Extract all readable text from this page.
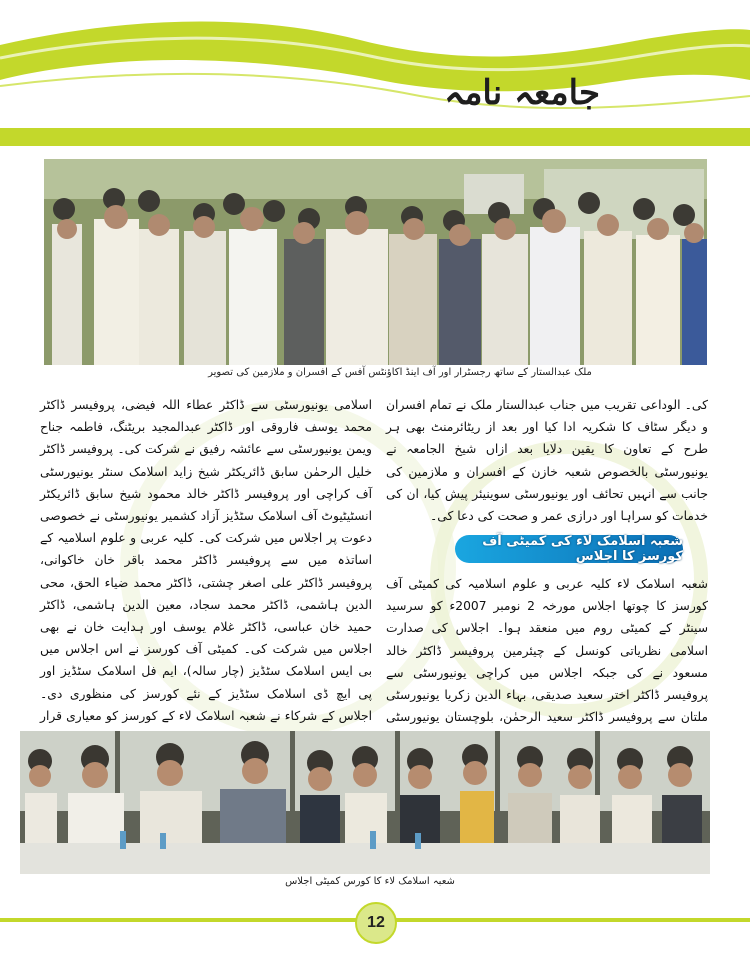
جامعہ نامہ
ملک عبدالستار کے ساتھ رجسٹرار اور آف اینڈ اکاؤنٹس آفس کے افسران و ملازمین کی تصویر
کی۔ الوداعی تقریب میں جناب عبدالستار ملک نے تمام افسران و دیگر سٹاف کا شکریہ ادا کیا اور بعد از ریٹائرمنٹ بھی ہر طرح کے تعاون کا یقین دلایا بعد ازاں شیخ الجامعہ نے یونیورسٹی بالخصوص شعبہ خازن کے افسران و ملازمین کی جانب سے انہیں تحائف اور یونیورسٹی سوینیئر پیش کیا، ان کی خدمات کو سراہا اور درازی عمر و صحت کی دعا کی۔
شعبہ اسلامک لاء کی کمیٹی آف کورسز کا اجلاس
شعبہ اسلامک لاء کلیہ عربی و علوم اسلامیہ کی کمیٹی آف کورسز کا چوتھا اجلاس مورخہ 2 نومبر 2007ء کو سرسید سینٹر کے کمیٹی روم میں منعقد ہوا۔ اجلاس کی صدارت اسلامی نظریاتی کونسل کے چیئرمین پروفیسر ڈاکٹر خالد مسعود نے کی جبکہ اجلاس میں کراچی یونیورسٹی سے پروفیسر ڈاکٹر اختر سعید صدیقی، بہاء الدین زکریا یونیورسٹی ملتان سے پروفیسر ڈاکٹر سعید الرحمٰن، بلوچستان یونیورسٹی
اسلامی یونیورسٹی سے ڈاکٹر عطاء اللہ فیضی، پروفیسر ڈاکٹر محمد یوسف فاروقی اور ڈاکٹر عبدالمجید بریٹنگ، فاطمہ جناح ویمن یونیورسٹی سے عائشہ رفیق نے شرکت کی۔ پروفیسر ڈاکٹر خلیل الرحمٰن سابق ڈائریکٹر شیخ زاید اسلامک سنٹر یونیورسٹی آف کراچی اور پروفیسر ڈاکٹر خالد محمود شیخ سابق ڈائریکٹر انسٹیٹیوٹ آف اسلامک سٹڈیز آزاد کشمیر یونیورسٹی نے خصوصی دعوت پر اجلاس میں شرکت کی۔ کلیہ عربی و علوم اسلامیہ کے اساتذہ میں سے پروفیسر ڈاکٹر محمد باقر خان خاکوانی، پروفیسر ڈاکٹر علی اصغر چشتی، ڈاکٹر محمد ضیاء الحق، محی الدین ہاشمی، ڈاکٹر محمد سجاد، معین الدین ہاشمی، ڈاکٹر حمید خان عباسی، ڈاکٹر غلام یوسف اور ہدایت خان نے بھی اجلاس میں شرکت کی۔ کمیٹی آف کورسز نے اس اجلاس میں بی ایس اسلامک سٹڈیز (چار سالہ)، ایم فل اسلامک سٹڈیز اور پی ایچ ڈی اسلامک سٹڈیز کے نئے کورسز کی منظوری دی۔ اجلاس کے شرکاء نے شعبہ اسلامک لاء کے کورسز کو معیاری قرار
شعبہ اسلامک لاء کا کورس کمیٹی اجلاس
12
